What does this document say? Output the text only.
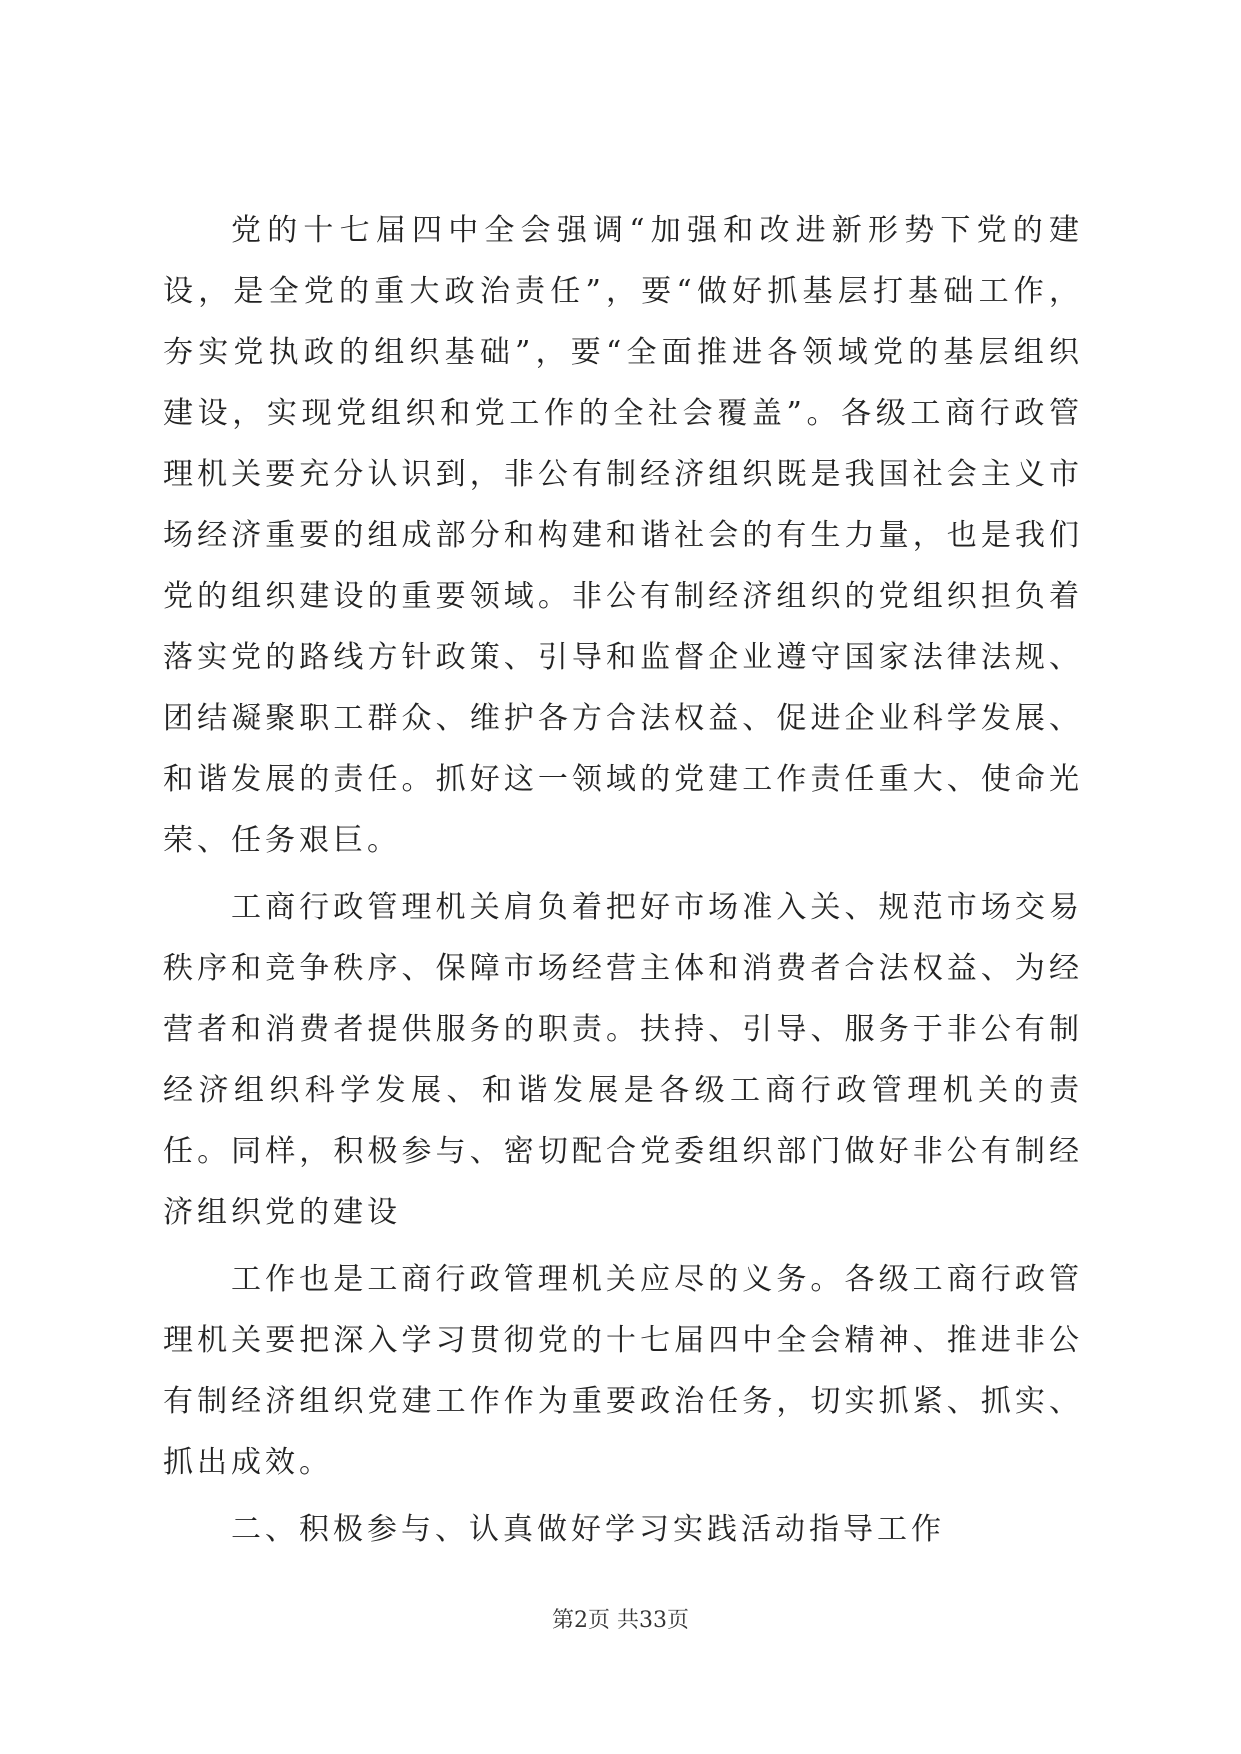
党的十七届四中全会强调“加强和改进新形势下党的建设，是全党的重大政治责任”，要“做好抓基层打基础工作，夯实党执政的组织基础”，要“全面推进各领域党的基层组织建设，实现党组织和党工作的全社会覆盖”。各级工商行政管理机关要充分认识到，非公有制经济组织既是我国社会主义市场经济重要的组成部分和构建和谐社会的有生力量，也是我们党的组织建设的重要领域。非公有制经济组织的党组织担负着落实党的路线方针政策、引导和监督企业遵守国家法律法规、团结凝聚职工群众、维护各方合法权益、促进企业科学发展、和谐发展的责任。抓好这一领域的党建工作责任重大、使命光荣、任务艰巨。

工商行政管理机关肩负着把好市场准入关、规范市场交易秩序和竞争秩序、保障市场经营主体和消费者合法权益、为经营者和消费者提供服务的职责。扶持、引导、服务于非公有制经济组织科学发展、和谐发展是各级工商行政管理机关的责任。同样，积极参与、密切配合党委组织部门做好非公有制经济组织党的建设

工作也是工商行政管理机关应尽的义务。各级工商行政管理机关要把深入学习贯彻党的十七届四中全会精神、推进非公有制经济组织党建工作作为重要政治任务，切实抓紧、抓实、抓出成效。

二、积极参与、认真做好学习实践活动指导工作

第2页 共33页
